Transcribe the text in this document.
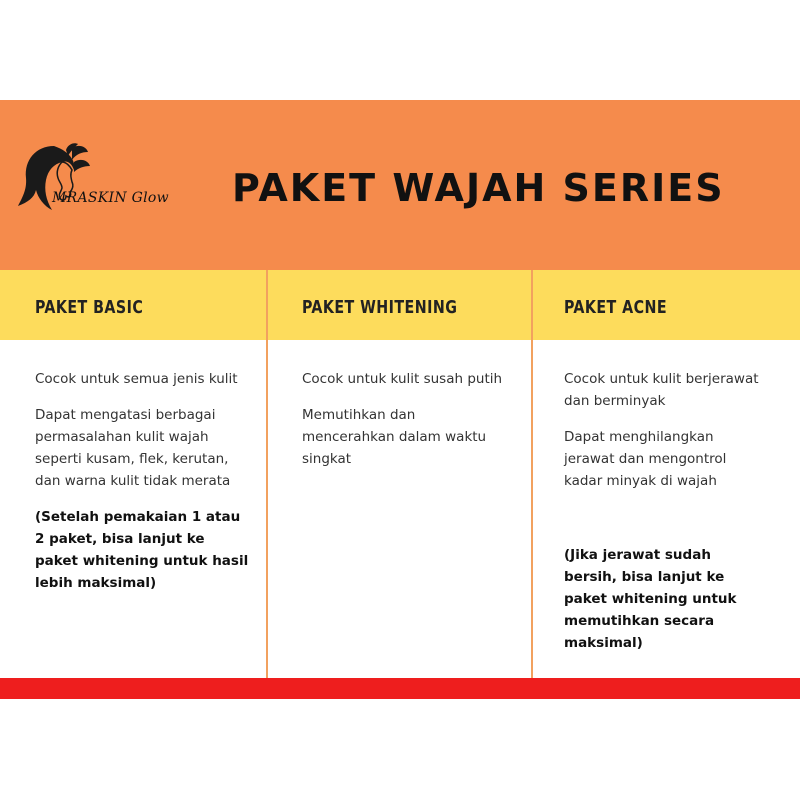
MRASKIN Glow PAKET WAJAH SERIES
PAKET BASIC	PAKET WHITENING	PAKET ACNE

Cocok untuk semua jenis kulit

Dapat mengatasi berbagai permasalahan kulit wajah seperti kusam, flek, kerutan, dan warna kulit tidak merata

(Setelah pemakaian 1 atau 2 paket, bisa lanjut ke paket whitening untuk hasil lebih maksimal)

Cocok untuk kulit susah putih

Memutihkan dan mencerahkan dalam waktu singkat

Cocok untuk kulit berjerawat dan berminyak

Dapat menghilangkan jerawat dan mengontrol kadar minyak di wajah

(Jika jerawat sudah bersih, bisa lanjut ke paket whitening untuk memutihkan secara maksimal)
